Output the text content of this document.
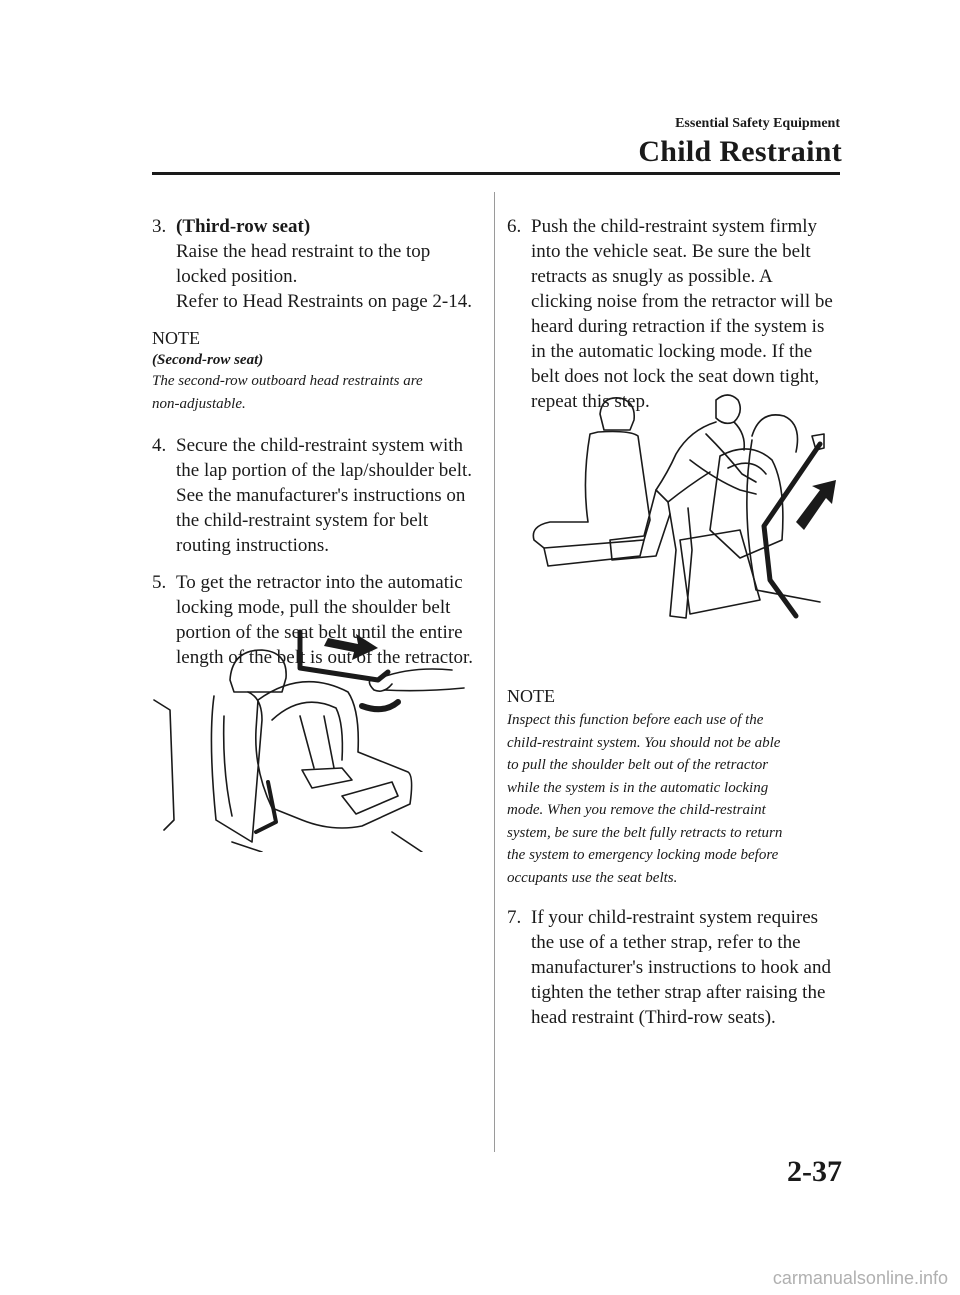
Essential Safety Equipment
Child Restraint
3. (Third-row seat)

Raise the head restraint to the top

locked position.

Refer to Head Restraints on page 2-14.

NOTE

(Second-row seat)

The second-row outboard head restraints are

non-adjustable.

4. Secure the child-restraint system with

the lap portion of the lap/shoulder belt.

See the manufacturer's instructions on

the child-restraint system for belt

routing instructions.

5. To get the retractor into the automatic

locking mode, pull the shoulder belt

portion of the seat belt until the entire

length of the belt is out of the retractor.

6. Push the child-restraint system firmly

into the vehicle seat. Be sure the belt

retracts as snugly as possible. A

clicking noise from the retractor will be

heard during retraction if the system is

in the automatic locking mode. If the

belt does not lock the seat down tight,

repeat this step.

NOTE

Inspect this function before each use of the

child-restraint system. You should not be able

to pull the shoulder belt out of the retractor

while the system is in the automatic locking

mode. When you remove the child-restraint

system, be sure the belt fully retracts to return

the system to emergency locking mode before

occupants use the seat belts.

7. If your child-restraint system requires

the use of a tether strap, refer to the

manufacturer's instructions to hook and

tighten the tether strap after raising the

head restraint (Third-row seats).

2-37
carmanualsonline.info
